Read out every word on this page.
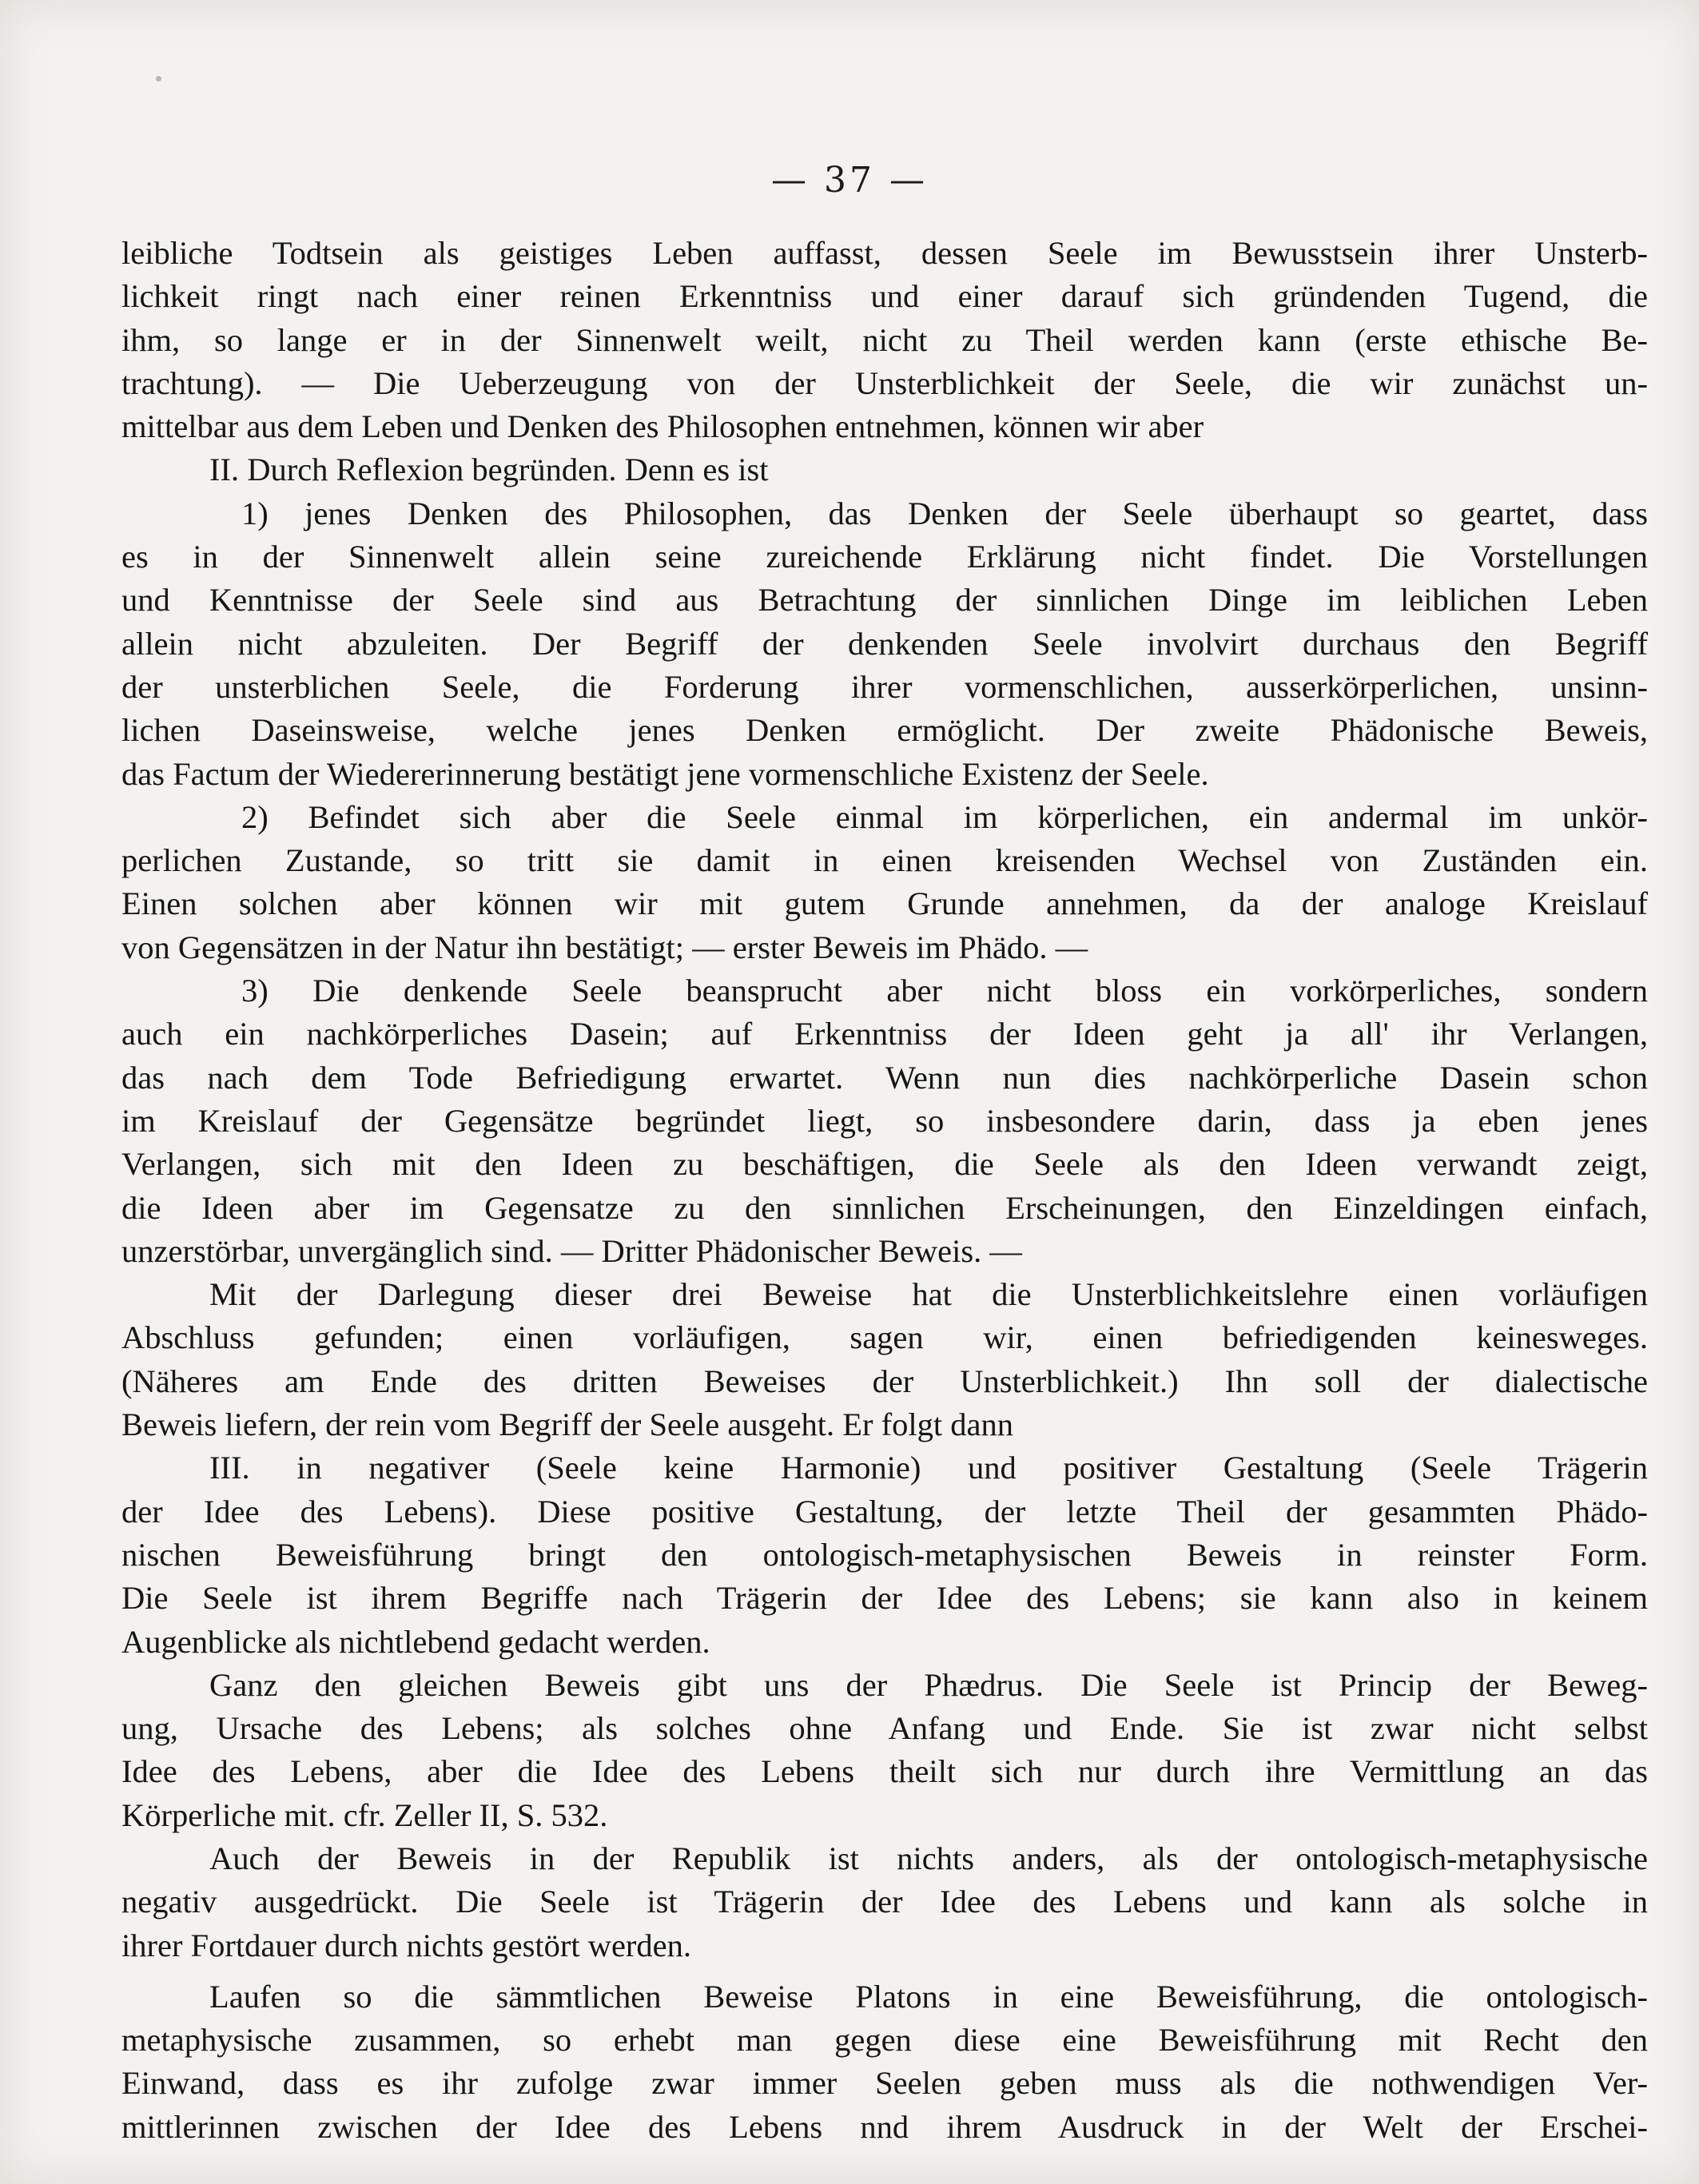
— 37 —
leibliche Todtsein als geistiges Leben auffasst, dessen Seele im Bewusstsein ihrer Unsterb-
lichkeit ringt nach einer reinen Erkenntniss und einer darauf sich gründenden Tugend, die
ihm, so lange er in der Sinnenwelt weilt, nicht zu Theil werden kann (erste ethische Be-
trachtung). — Die Ueberzeugung von der Unsterblichkeit der Seele, die wir zunächst un-
mittelbar aus dem Leben und Denken des Philosophen entnehmen, können wir aber
II. Durch Reflexion begründen. Denn es ist
1) jenes Denken des Philosophen, das Denken der Seele überhaupt so geartet, dass
es in der Sinnenwelt allein seine zureichende Erklärung nicht findet. Die Vorstellungen
und Kenntnisse der Seele sind aus Betrachtung der sinnlichen Dinge im leiblichen Leben
allein nicht abzuleiten. Der Begriff der denkenden Seele involvirt durchaus den Begriff
der unsterblichen Seele, die Forderung ihrer vormenschlichen, ausserkörperlichen, unsinn-
lichen Daseinsweise, welche jenes Denken ermöglicht. Der zweite Phädonische Beweis,
das Factum der Wiedererinnerung bestätigt jene vormenschliche Existenz der Seele.
2) Befindet sich aber die Seele einmal im körperlichen, ein andermal im unkör-
perlichen Zustande, so tritt sie damit in einen kreisenden Wechsel von Zuständen ein.
Einen solchen aber können wir mit gutem Grunde annehmen, da der analoge Kreislauf
von Gegensätzen in der Natur ihn bestätigt; — erster Beweis im Phädo. —
3) Die denkende Seele beansprucht aber nicht bloss ein vorkörperliches, sondern
auch ein nachkörperliches Dasein; auf Erkenntniss der Ideen geht ja all' ihr Verlangen,
das nach dem Tode Befriedigung erwartet. Wenn nun dies nachkörperliche Dasein schon
im Kreislauf der Gegensätze begründet liegt, so insbesondere darin, dass ja eben jenes
Verlangen, sich mit den Ideen zu beschäftigen, die Seele als den Ideen verwandt zeigt,
die Ideen aber im Gegensatze zu den sinnlichen Erscheinungen, den Einzeldingen einfach,
unzerstörbar, unvergänglich sind. — Dritter Phädonischer Beweis. —
Mit der Darlegung dieser drei Beweise hat die Unsterblichkeitslehre einen vorläufigen
Abschluss gefunden; einen vorläufigen, sagen wir, einen befriedigenden keinesweges.
(Näheres am Ende des dritten Beweises der Unsterblichkeit.) Ihn soll der dialectische
Beweis liefern, der rein vom Begriff der Seele ausgeht. Er folgt dann
III. in negativer (Seele keine Harmonie) und positiver Gestaltung (Seele Trägerin
der Idee des Lebens). Diese positive Gestaltung, der letzte Theil der gesammten Phädo-
nischen Beweisführung bringt den ontologisch-metaphysischen Beweis in reinster Form.
Die Seele ist ihrem Begriffe nach Trägerin der Idee des Lebens; sie kann also in keinem
Augenblicke als nichtlebend gedacht werden.
Ganz den gleichen Beweis gibt uns der Phædrus. Die Seele ist Princip der Beweg-
ung, Ursache des Lebens; als solches ohne Anfang und Ende. Sie ist zwar nicht selbst
Idee des Lebens, aber die Idee des Lebens theilt sich nur durch ihre Vermittlung an das
Körperliche mit. cfr. Zeller II, S. 532.
Auch der Beweis in der Republik ist nichts anders, als der ontologisch-metaphysische
negativ ausgedrückt. Die Seele ist Trägerin der Idee des Lebens und kann als solche in
ihrer Fortdauer durch nichts gestört werden.
Laufen so die sämmtlichen Beweise Platons in eine Beweisführung, die ontologisch-
metaphysische zusammen, so erhebt man gegen diese eine Beweisführung mit Recht den
Einwand, dass es ihr zufolge zwar immer Seelen geben muss als die nothwendigen Ver-
mittlerinnen zwischen der Idee des Lebens nnd ihrem Ausdruck in der Welt der Erschei-
